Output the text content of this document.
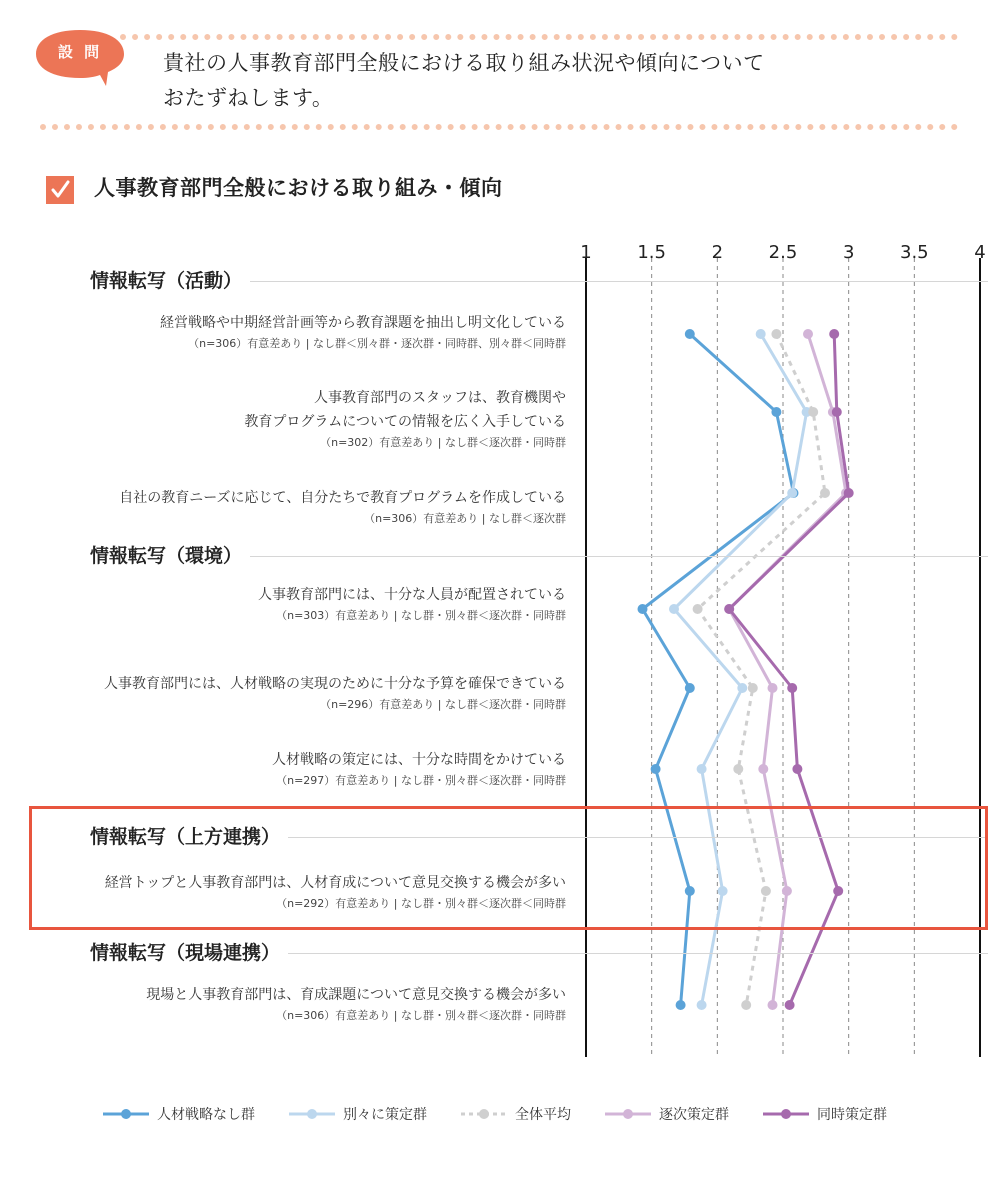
1	1.5	2	2.5	3	3.5	4
設 問	貴社の人事教育部門全般における取り組み状況や傾向について
おたずねします。
人事教育部門全般における取り組み・傾向
情報転写（活動）
情報転写（環境）
情報転写（上方連携）
情報転写（現場連携）
経営戦略や中期経営計画等から教育課題を抽出し明文化している
（n=306）有意差あり | なし群＜別々群・逐次群・同時群、別々群＜同時群
人事教育部門のスタッフは、教育機関や
教育プログラムについての情報を広く入手している
（n=302）有意差あり | なし群＜逐次群・同時群
自社の教育ニーズに応じて、自分たちで教育プログラムを作成している
（n=306）有意差あり | なし群＜逐次群
人事教育部門には、十分な人員が配置されている
（n=303）有意差あり | なし群・別々群＜逐次群・同時群
人事教育部門には、人材戦略の実現のために十分な予算を確保できている
（n=296）有意差あり | なし群＜逐次群・同時群
人材戦略の策定には、十分な時間をかけている
（n=297）有意差あり | なし群・別々群＜逐次群・同時群
経営トップと人事教育部門は、人材育成について意見交換する機会が多い
（n=292）有意差あり | なし群・別々群＜逐次群＜同時群
現場と人事教育部門は、育成課題について意見交換する機会が多い
（n=306）有意差あり | なし群・別々群＜逐次群・同時群
人材戦略なし群	別々に策定群	全体平均	逐次策定群	同時策定群
